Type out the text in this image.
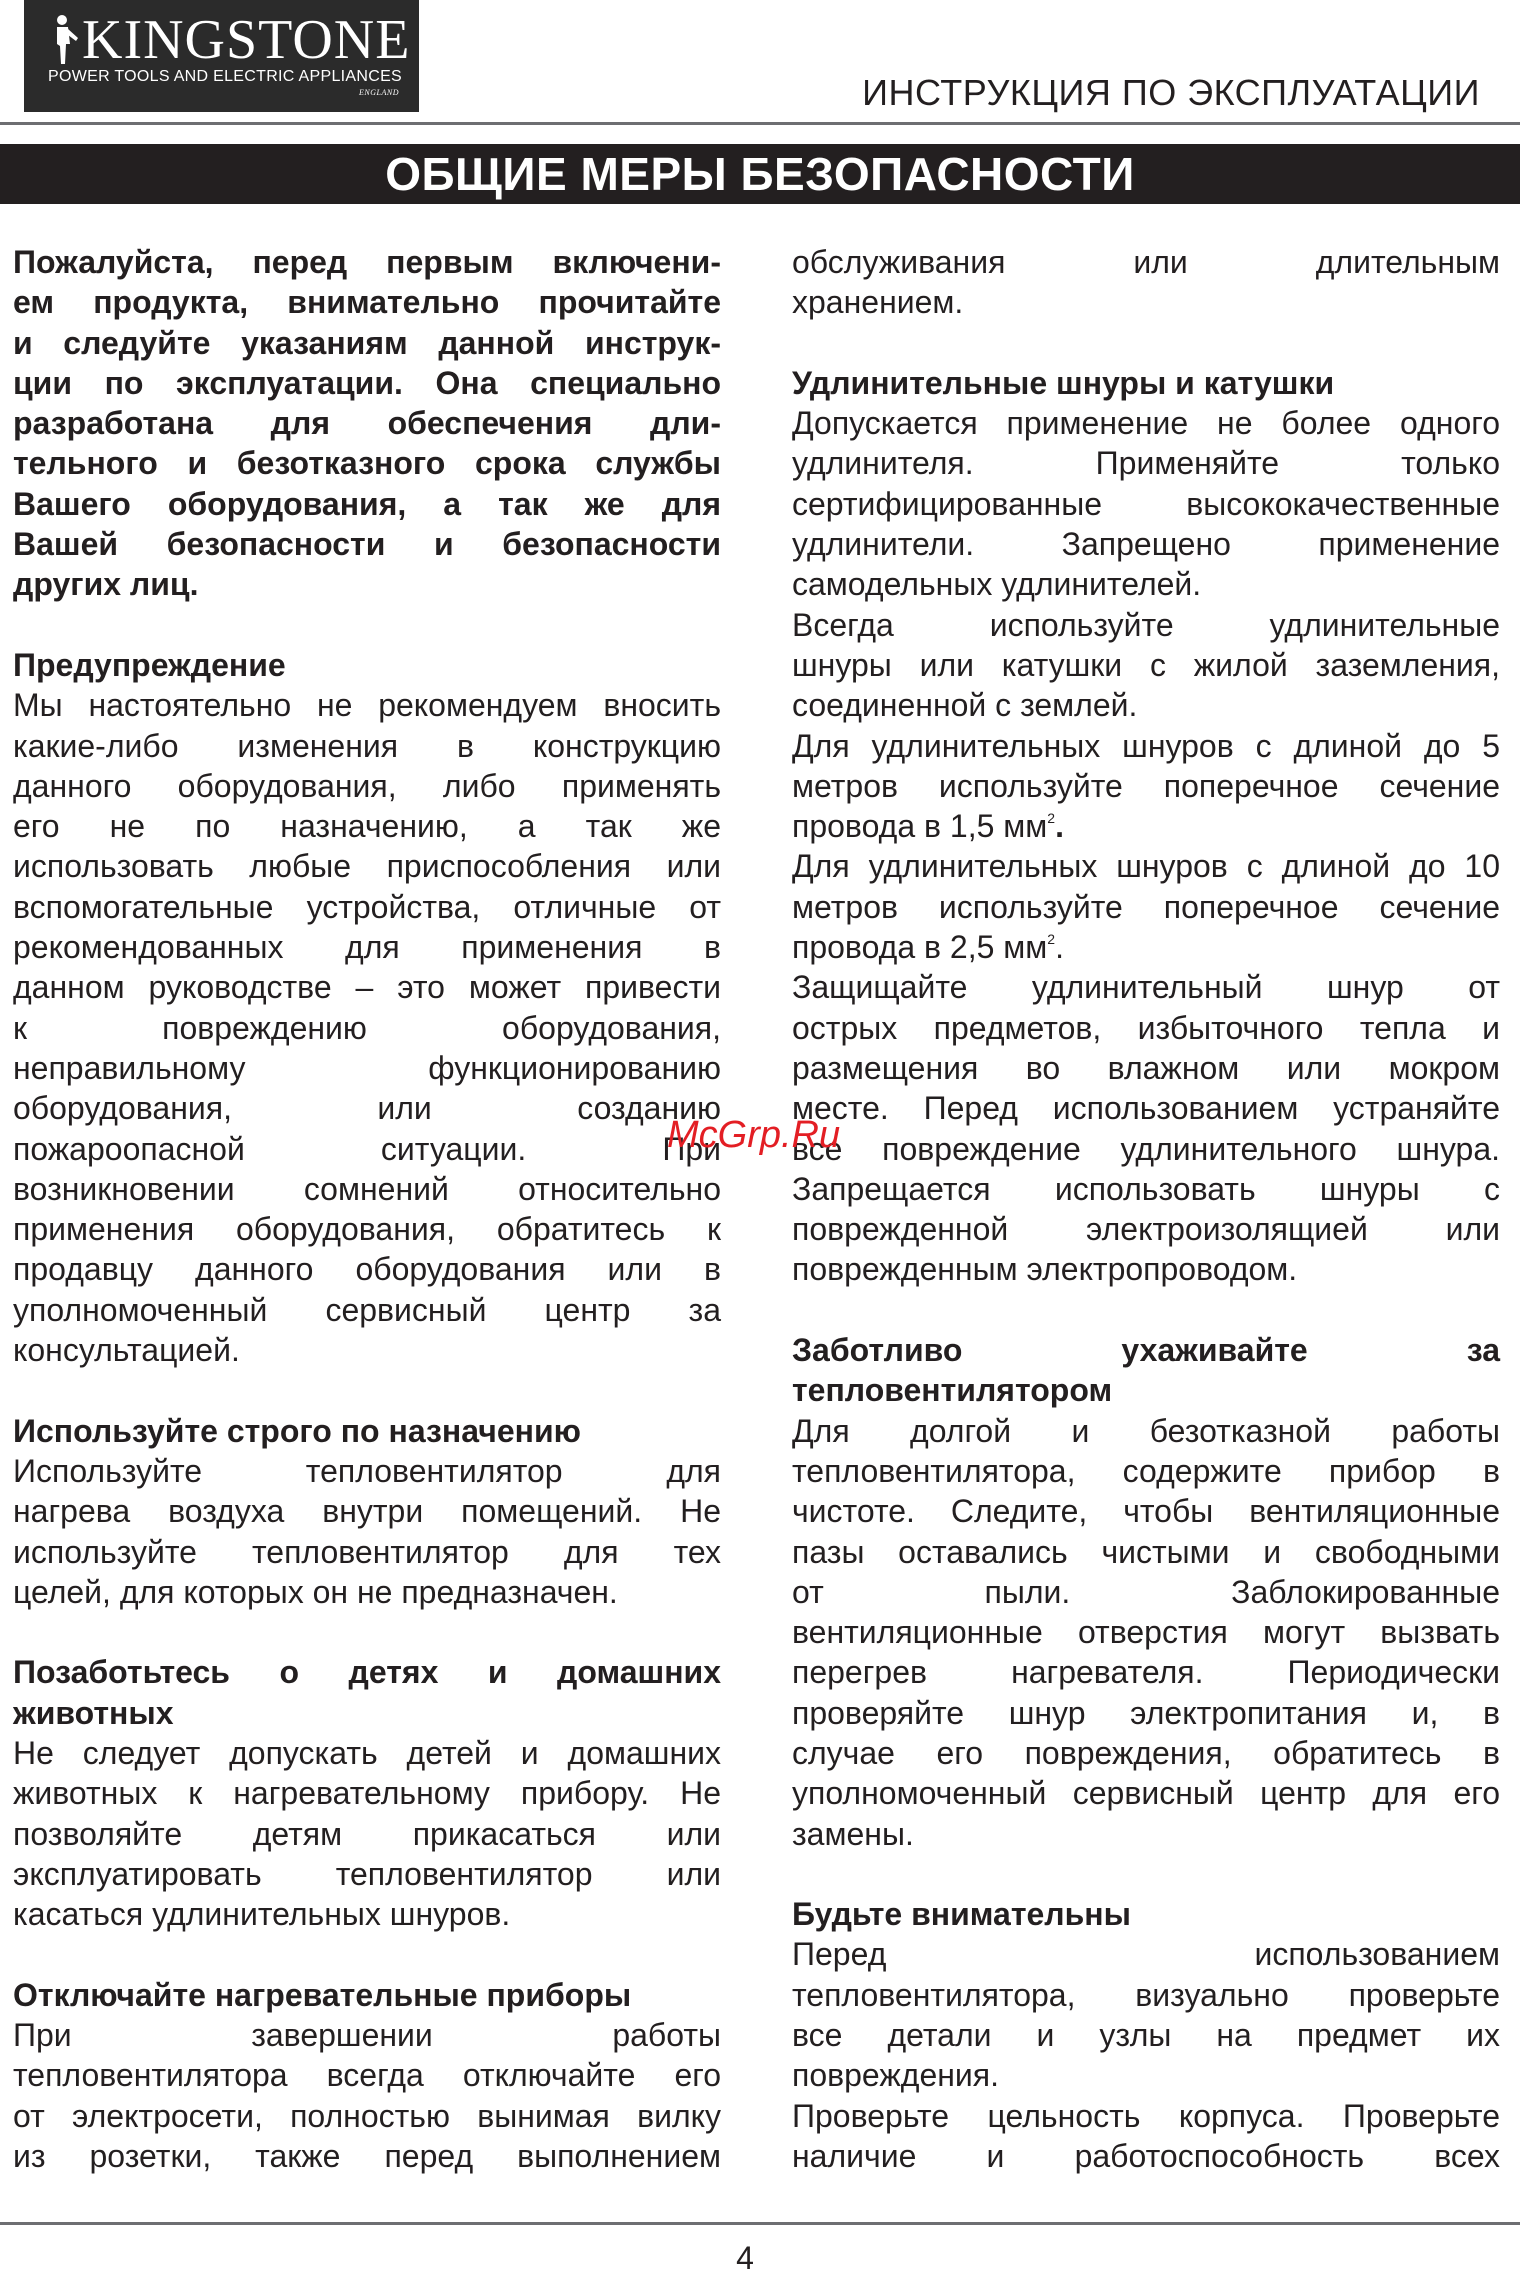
KINGSTONE
POWER TOOLS AND ELECTRIC APPLIANCES
ENGLAND	ИНСТРУКЦИЯ ПО ЭКСПЛУАТАЦИИ
ОБЩИЕ МЕРЫ БЕЗОПАСНОСТИ

Пожалуйста, перед первым включени-

ем продукта, внимательно прочитайте

и следуйте указаниям данной инструк-

ции по эксплуатации. Она специально

разработана для обеспечения дли-

тельного и безотказного срока службы

Вашего оборудования, а так же для

Вашей безопасности и безопасности

других лиц.

Предупреждение

Мы настоятельно не рекомендуем вносить

какие-либо изменения в конструкцию

данного оборудования, либо применять

его не по назначению, а так же

использовать любые приспособления или

вспомогательные устройства, отличные от

рекомендованных для применения в

данном руководстве – это может привести

к повреждению оборудования,

неправильному функционированию

оборудования, или созданию

пожароопасной ситуации. При

возникновении сомнений относительно

применения оборудования, обратитесь к

продавцу данного оборудования или в

уполномоченный сервисный центр за

консультацией.

Используйте строго по назначению

Используйте тепловентилятор для

нагрева воздуха внутри помещений. Не

используйте тепловентилятор для тех

целей, для которых он не предназначен.

Позаботьтесь о детях и домашних

животных

Не следует допускать детей и домашних

животных к нагревательному прибору. Не

позволяйте детям прикасаться или

эксплуатировать тепловентилятор или

касаться удлинительных шнуров.

Отключайте нагревательные приборы

При завершении работы

тепловентилятора всегда отключайте его

от электросети, полностью вынимая вилку

из розетки, также перед выполнением

обслуживания или длительным

хранением.

Удлинительные шнуры и катушки

Допускается применение не более одного

удлинителя. Применяйте только

сертифицированные высококачественные

удлинители. Запрещено применение

самодельных удлинителей.

Всегда используйте удлинительные

шнуры или катушки с жилой заземления,

соединенной с землей.

Для удлинительных шнуров с длиной до 5

метров используйте поперечное сечение

провода в 1,5 $мм^2$.

Для удлинительных шнуров с длиной до 10

метров используйте поперечное сечение

провода в 2,5 $мм^2$.

Защищайте удлинительный шнур от

острых предметов, избыточного тепла и

размещения во влажном или мокром

месте. Перед использованием устраняйте

все повреждение удлинительного шнура.

Запрещается использовать шнуры с

поврежденной электроизолящией или

поврежденным электропроводом.

Заботливо ухаживайте за

тепловентилятором

Для долгой и безотказной работы

тепловентилятора, содержите прибор в

чистоте. Следите, чтобы вентиляционные

пазы оставались чистыми и свободными

от пыли. Заблокированные

вентиляционные отверстия могут вызвать

перегрев нагревателя. Периодически

проверяйте шнур электропитания и, в

случае его повреждения, обратитесь в

уполномоченный сервисный центр для его

замены.

Будьте внимательны

Перед использованием

тепловентилятора, визуально проверьте

все детали и узлы на предмет их

повреждения.

Проверьте цельность корпуса. Проверьте

наличие и работоспособность всех

McGrp.Ru
4
